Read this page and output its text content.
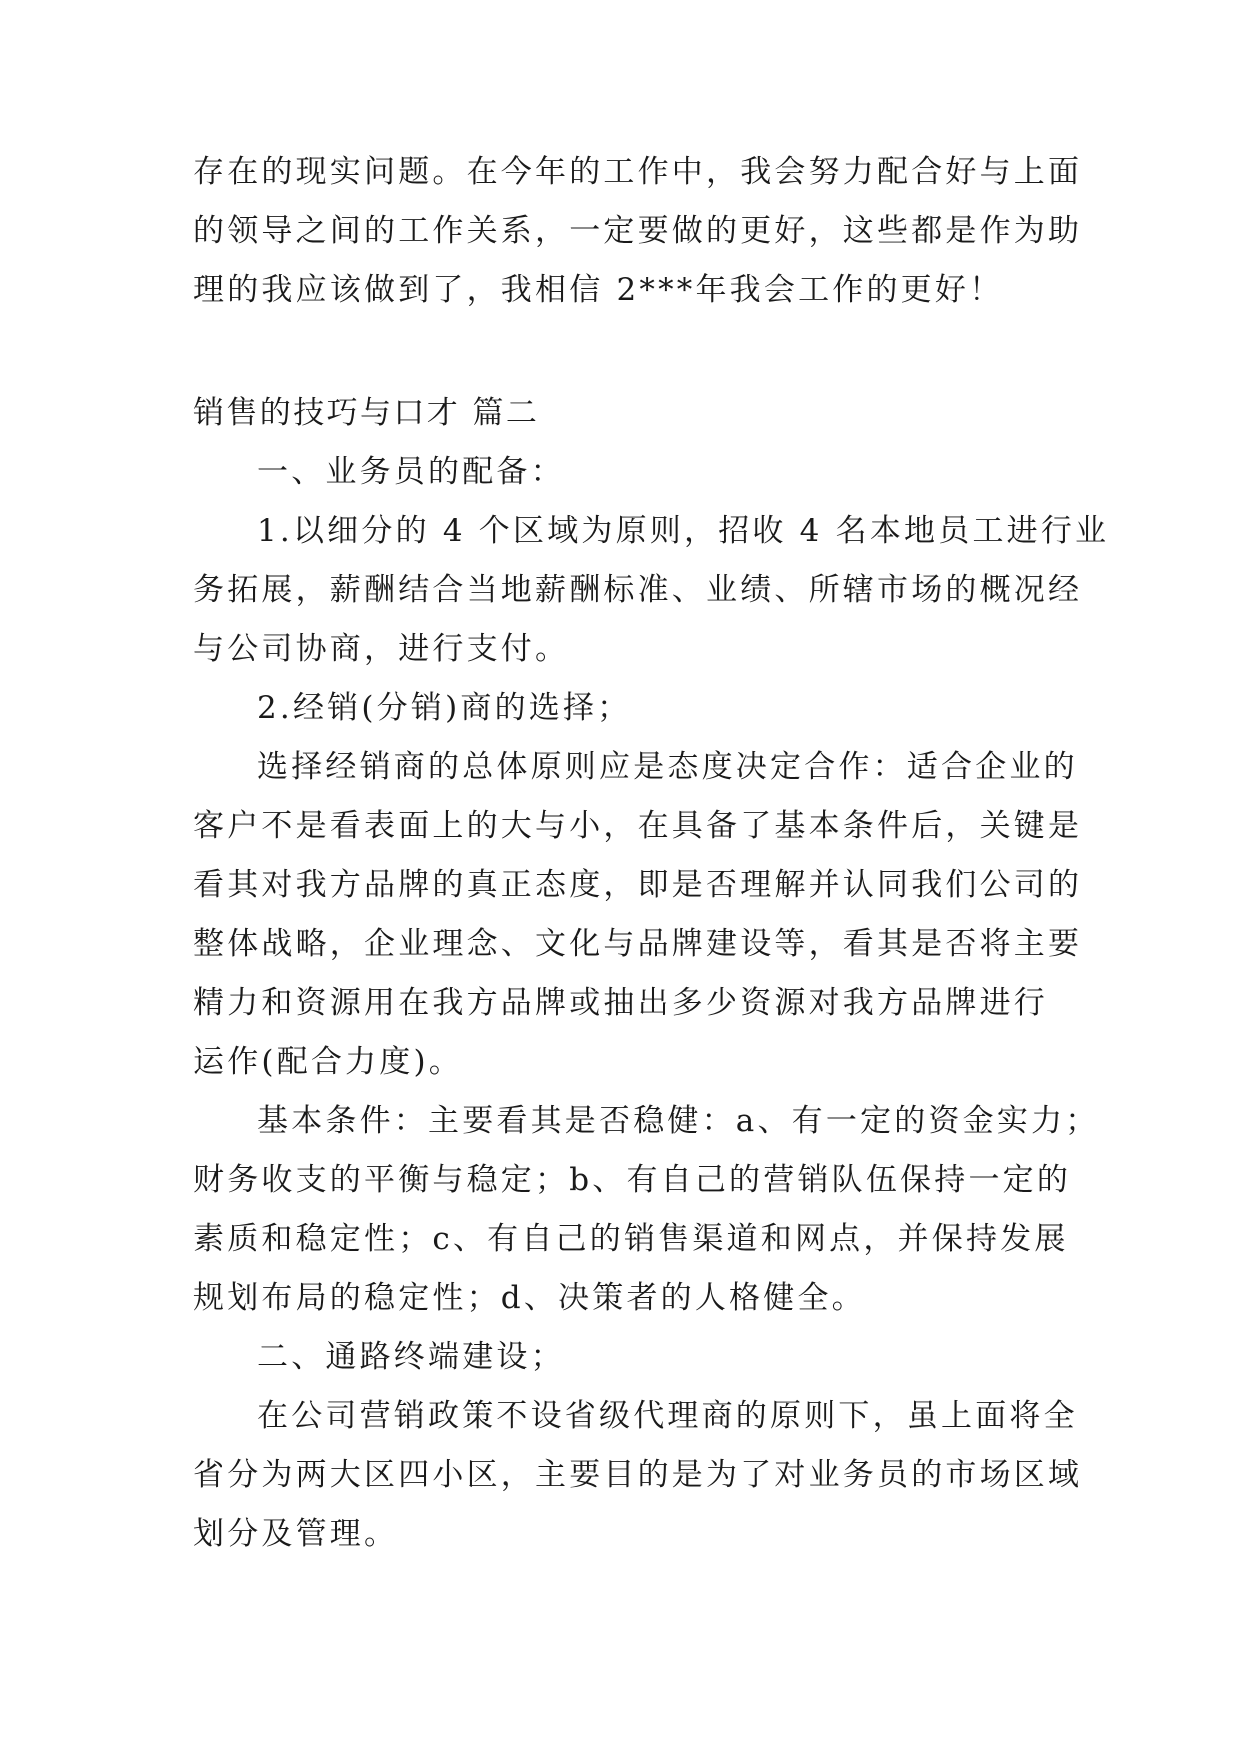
存在的现实问题。在今年的工作中，我会努力配合好与上面

的领导之间的工作关系，一定要做的更好，这些都是作为助

理的我应该做到了，我相信 2***年我会工作的更好！

销售的技巧与口才 篇二

一、业务员的配备：

1.以细分的 4 个区域为原则，招收 4 名本地员工进行业

务拓展，薪酬结合当地薪酬标准、业绩、所辖市场的概况经

与公司协商，进行支付。

2.经销(分销)商的选择；

选择经销商的总体原则应是态度决定合作：适合企业的

客户不是看表面上的大与小，在具备了基本条件后，关键是

看其对我方品牌的真正态度，即是否理解并认同我们公司的

整体战略，企业理念、文化与品牌建设等，看其是否将主要

精力和资源用在我方品牌或抽出多少资源对我方品牌进行

运作(配合力度)。

基本条件：主要看其是否稳健：a、有一定的资金实力；

财务收支的平衡与稳定；b、有自己的营销队伍保持一定的

素质和稳定性；c、有自己的销售渠道和网点，并保持发展

规划布局的稳定性；d、决策者的人格健全。

二、通路终端建设；

在公司营销政策不设省级代理商的原则下，虽上面将全

省分为两大区四小区，主要目的是为了对业务员的市场区域

划分及管理。
